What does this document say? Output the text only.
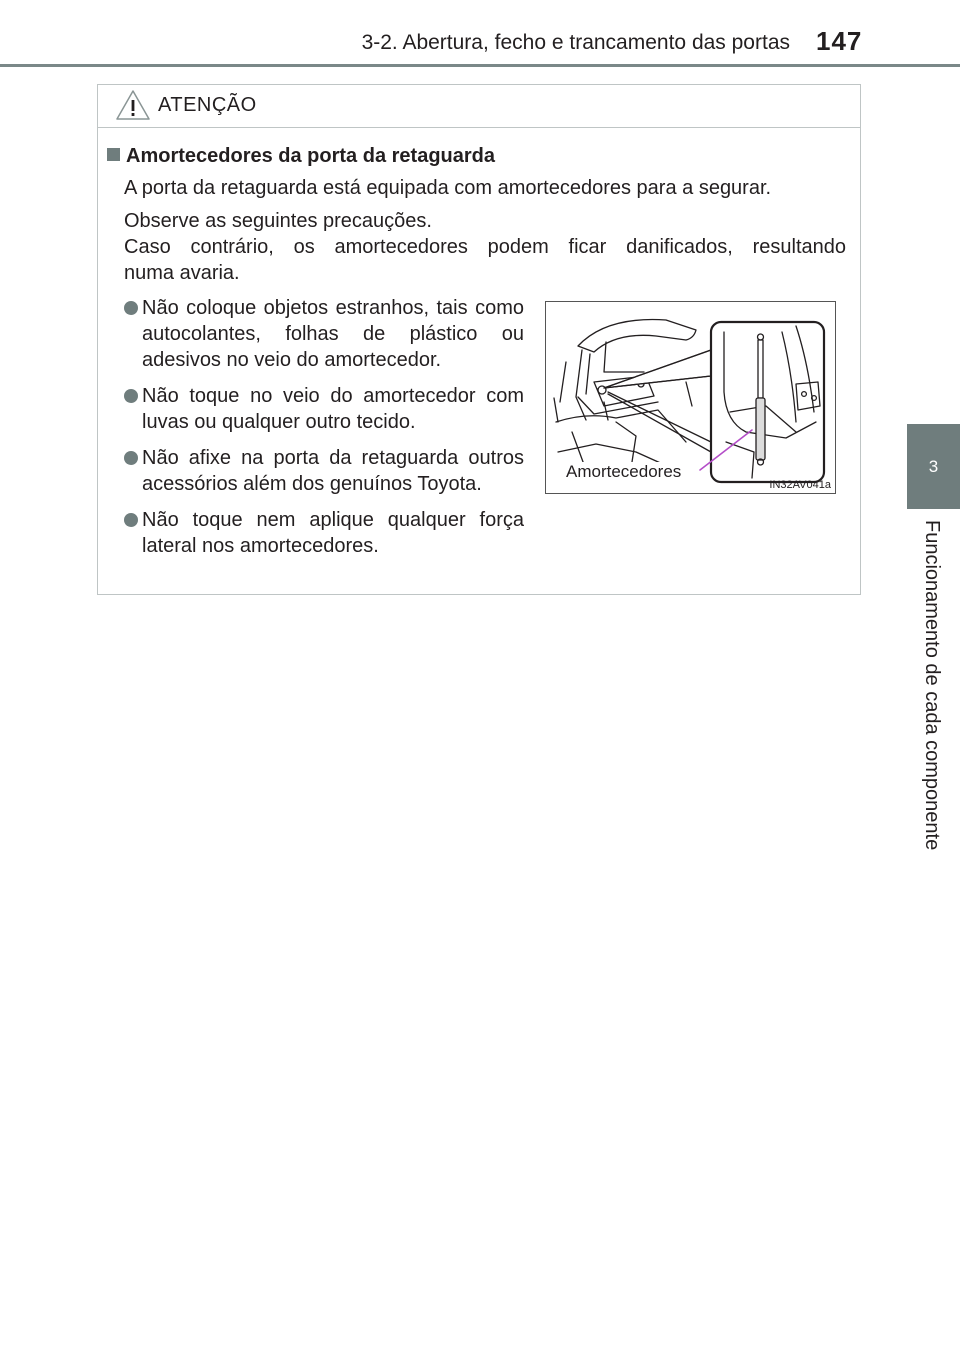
3-2. Abertura, fecho e trancamento das portas 147
3
Funcionamento de cada componente
ATENÇÃO
Amortecedores da porta da retaguarda
A porta da retaguarda está equipada com amortecedores para a segurar.
Observe as seguintes precauções.
Caso contrário, os amortecedores podem ficar danificados, resultando
numa avaria.
Não coloque objetos estranhos, tais como autocolantes, folhas de plástico ou adesivos no veio do amortecedor.
Não toque no veio do amortecedor com luvas ou qualquer outro tecido.
Não afixe na porta da retaguarda outros acessórios além dos genuínos Toyota.
Não toque nem aplique qualquer força lateral nos amortecedores.
Amortecedores
IN32AV041a
